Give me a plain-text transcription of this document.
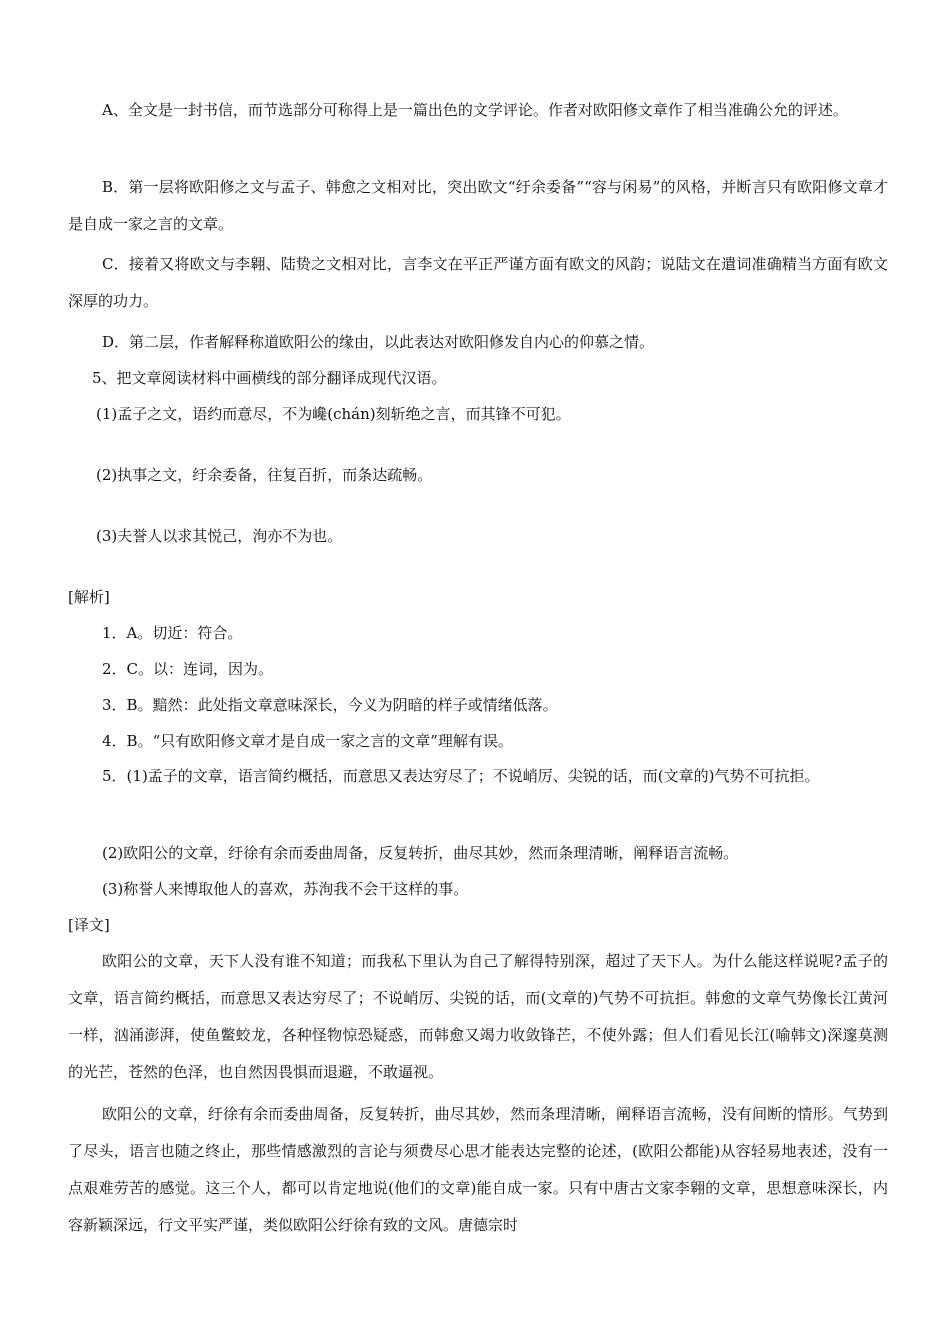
A、全文是一封书信，而节选部分可称得上是一篇出色的文学评论。作者对欧阳修文章作了相当准确公允的评述。

B．第一层将欧阳修之文与孟子、韩愈之文相对比，突出欧文“纡余委备”“容与闲易”的风格，并断言只有欧阳修文章才是自成一家之言的文章。

C．接着又将欧文与李翱、陆贽之文相对比，言李文在平正严谨方面有欧文的风韵；说陆文在遣词准确精当方面有欧文深厚的功力。

D．第二层，作者解释称道欧阳公的缘由，以此表达对欧阳修发自内心的仰慕之情。

5、把文章阅读材料中画横线的部分翻译成现代汉语。

(1)孟子之文，语约而意尽，不为巉(chán)刻斩绝之言，而其锋不可犯。

(2)执事之文，纡余委备，往复百折，而条达疏畅。

(3)夫誉人以求其悦己，洵亦不为也。

[解析]

1．A。切近：符合。

2．C。以：连词，因为。

3．B。黯然：此处指文章意味深长，今义为阴暗的样子或情绪低落。

4．B。“只有欧阳修文章才是自成一家之言的文章”理解有误。

5．(1)孟子的文章，语言简约概括，而意思又表达穷尽了；不说峭厉、尖锐的话，而(文章的)气势不可抗拒。

(2)欧阳公的文章，纡徐有余而委曲周备，反复转折，曲尽其妙，然而条理清晰，阐释语言流畅。

(3)称誉人来博取他人的喜欢，苏洵我不会干这样的事。

[译文]

欧阳公的文章，天下人没有谁不知道；而我私下里认为自己了解得特别深，超过了天下人。为什么能这样说呢?孟子的文章，语言简约概括，而意思又表达穷尽了；不说峭厉、尖锐的话，而(文章的)气势不可抗拒。韩愈的文章气势像长江黄河一样，汹涌澎湃，使鱼鳖蛟龙，各种怪物惊恐疑惑，而韩愈又竭力收敛锋芒，不使外露；但人们看见长江(喻韩文)深邃莫测的光芒，苍然的色泽，也自然因畏惧而退避，不敢逼视。

欧阳公的文章，纡徐有余而委曲周备，反复转折，曲尽其妙，然而条理清晰，阐释语言流畅，没有间断的情形。气势到了尽头，语言也随之终止，那些情感激烈的言论与须费尽心思才能表达完整的论述，(欧阳公都能)从容轻易地表述，没有一点艰难劳苦的感觉。这三个人，都可以肯定地说(他们的文章)能自成一家。只有中唐古文家李翱的文章，思想意味深长，内容新颖深远，行文平实严谨，类似欧阳公纡徐有致的文风。唐德宗时
